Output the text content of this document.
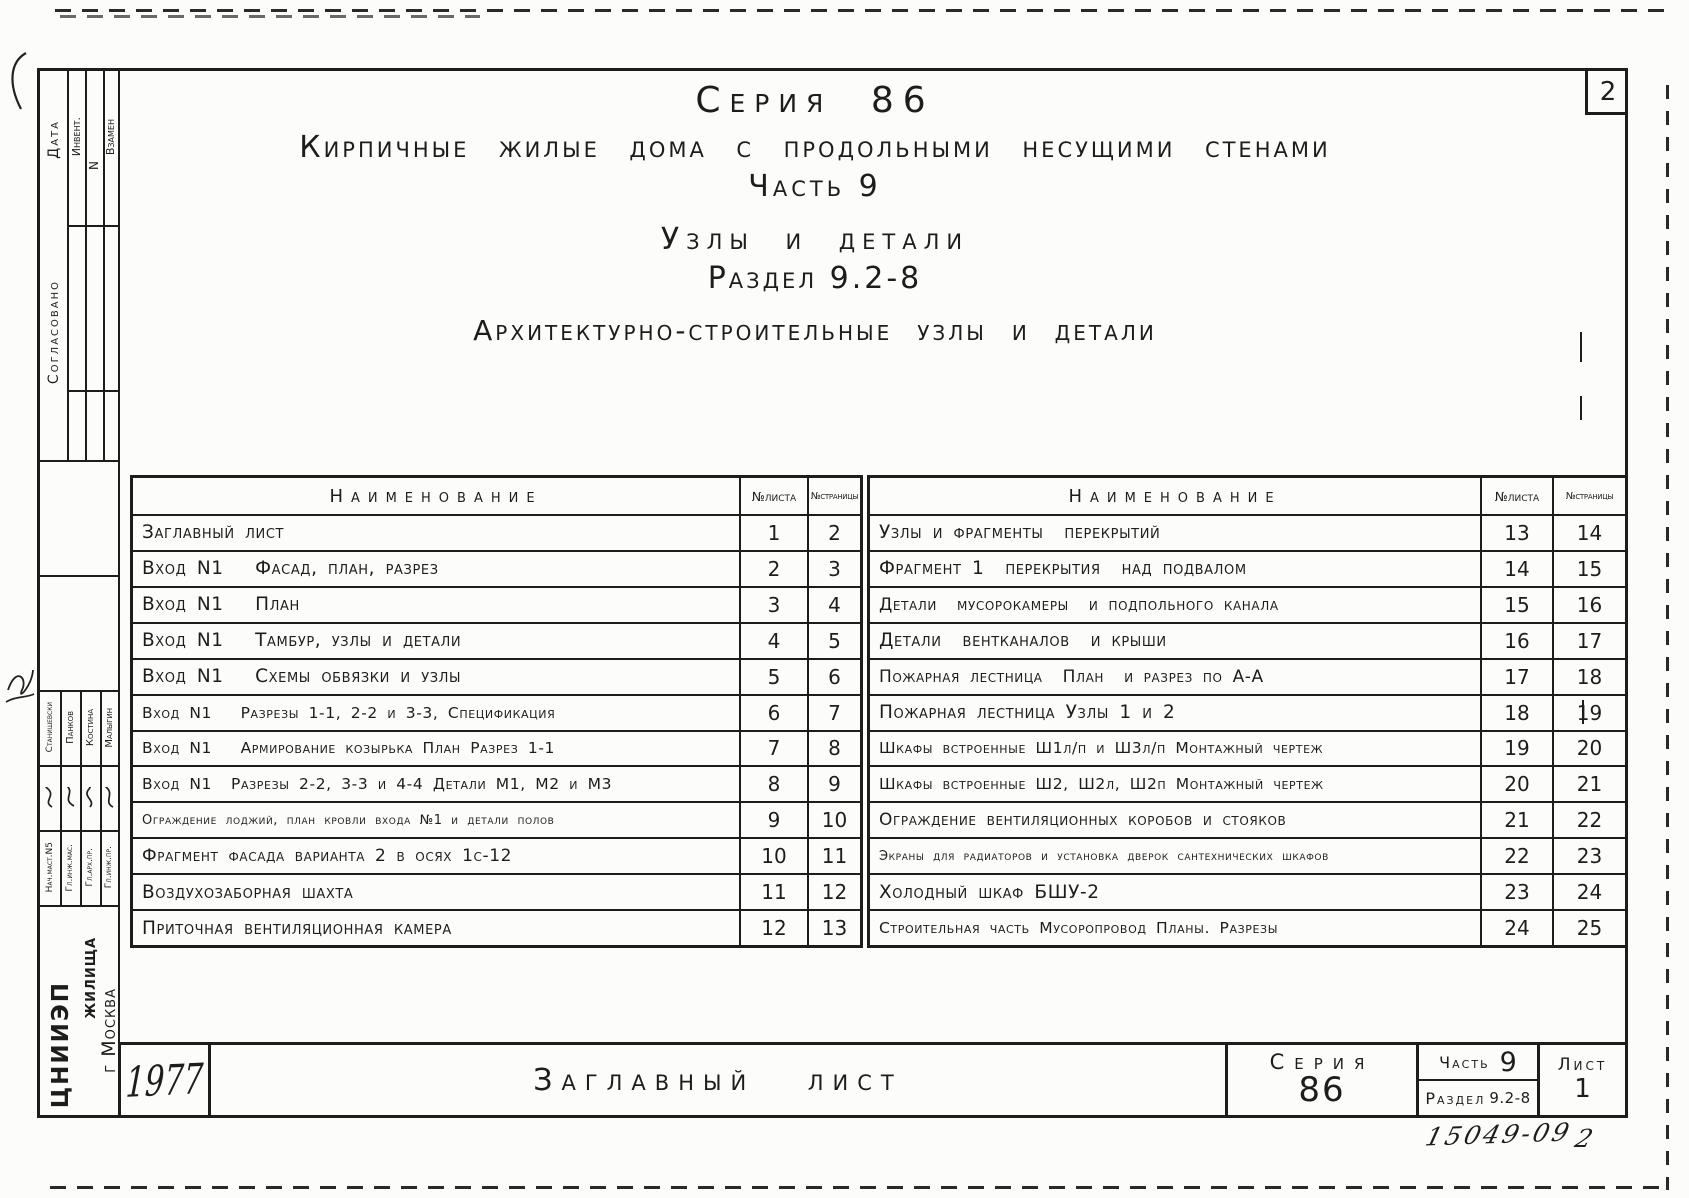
2
Дата
Согласовано
Инвент.
N
Взамен
Станишевски Панков Костина Малыгин
Нач.маст.N5 Гл.инж.мас. Гл.арх.пр. Гл.инж.пр.
ЦНИИЭП
жилища
г Москва
Серия 86
Кирпичные жилые дома с продольными несущими стенами
Часть 9
Узлы и детали
Раздел 9.2-8
Архитектурно-строительные узлы и детали
Наименование	№листа	№страницы
Заглавный лист	1	2
Вход N1   Фасад, план, разрез	2	3
Вход N1   План	3	4
Вход N1   Тамбур, узлы и детали	4	5
Вход N1   Схемы обвязки и узлы	5	6
Вход N1   Разрезы 1-1, 2-2 и 3-3, Спецификация	6	7
Вход N1   Армирование козырька План Разрез 1-1	7	8
Вход N1  Разрезы 2-2, 3-3 и 4-4 Детали М1, М2 и М3	8	9
Ограждение лоджий, план кровли входа №1 и детали полов	9	10
Фрагмент фасада варианта 2 в осях 1с-12	10	11
Воздухозаборная шахта	11	12
Приточная вентиляционная камера	12	13
Наименование	№листа	№страницы
Узлы и фрагменты  перекрытий	13	14
Фрагмент 1  перекрытия  над подвалом	14	15
Детали  мусорокамеры  и подпольного канала	15	16
Детали  вентканалов  и крыши	16	17
Пожарная лестница  План  и разрез по А-А	17	18
Пожарная лестница Узлы 1 и 2	18	19
Шкафы встроенные Ш1л/п и Ш3л/п Монтажный чертеж	19	20
Шкафы встроенные Ш2, Ш2л, Ш2п Монтажный чертеж	20	21
Ограждение вентиляционных коробов и стояков	21	22
Экраны для радиаторов и установка дверок сантехнических шкафов	22	23
Холодный шкаф БШУ-2	23	24
Строительная часть Мусоропровод Планы. Разрезы	24	25
1977	Заглавный лист
Серия
86
Часть 9
Раздел 9.2-8
Лист
1
15049-09
2
